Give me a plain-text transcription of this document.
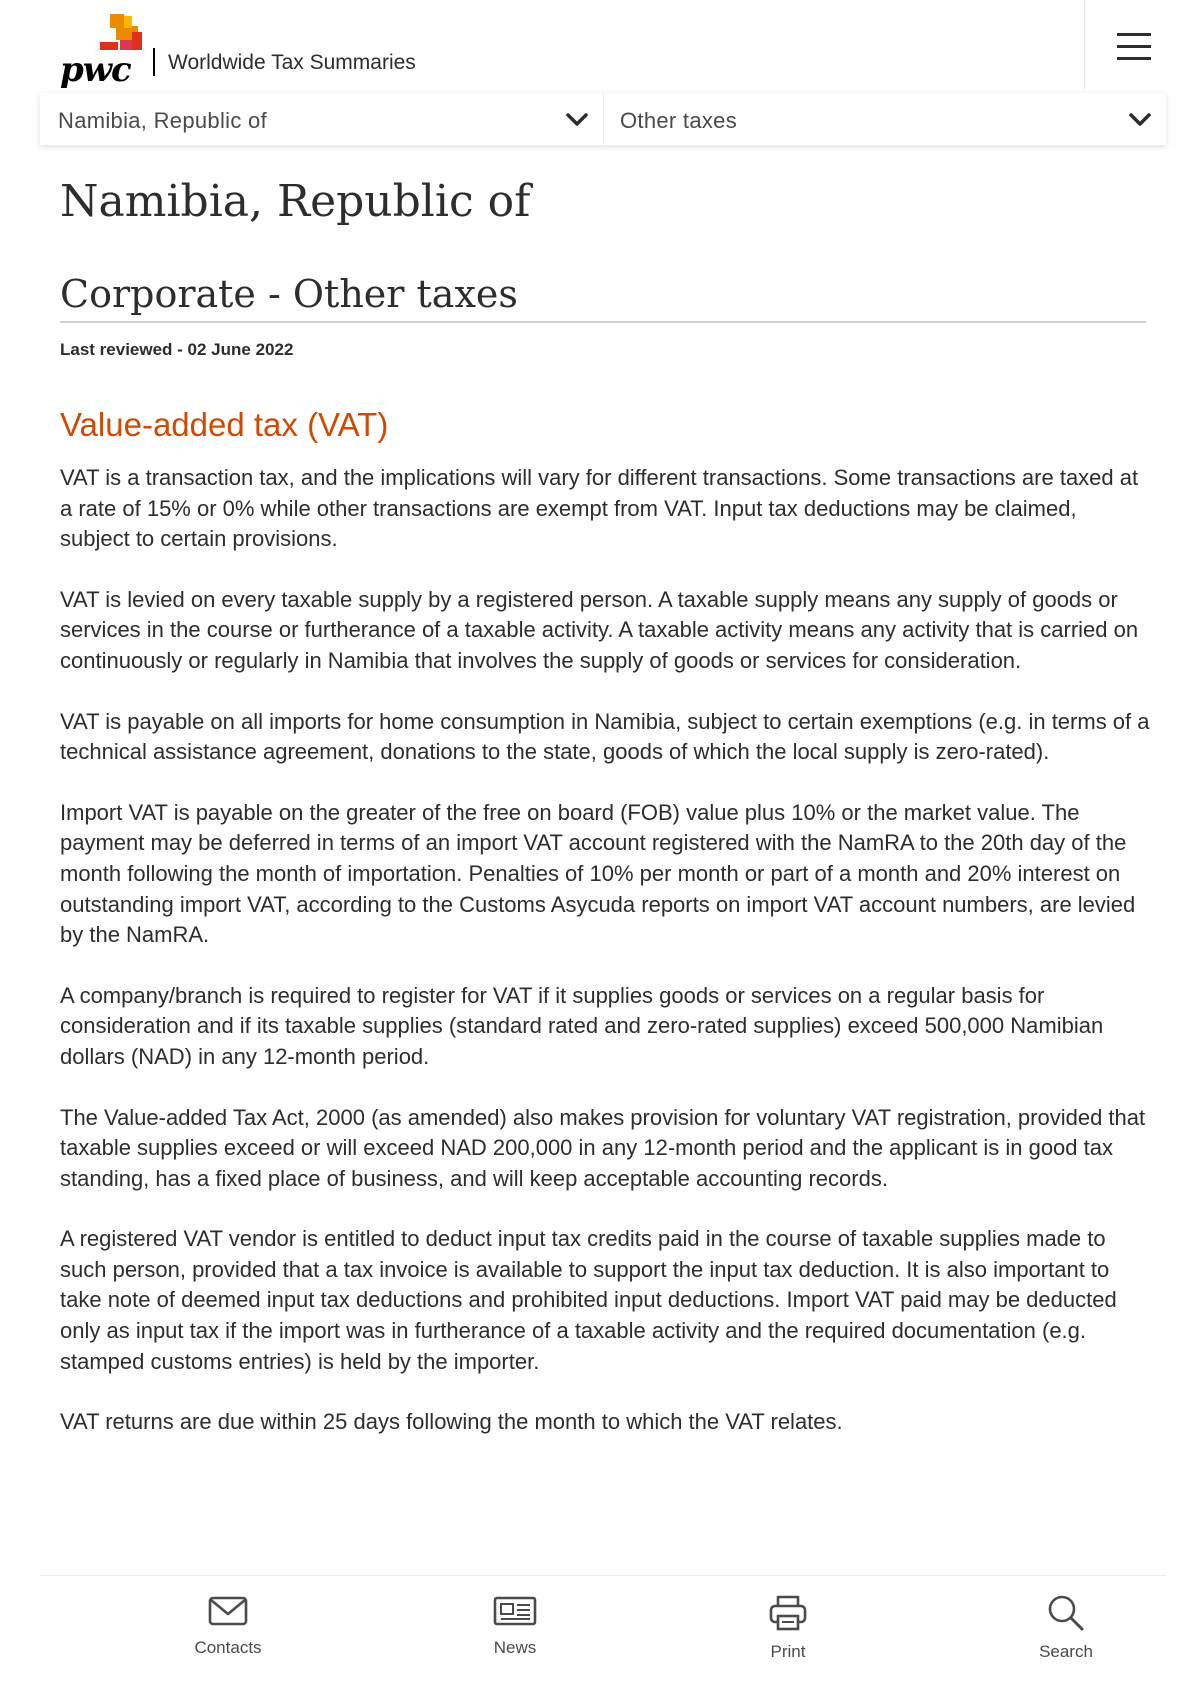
pwc Worldwide Tax Summaries
Namibia, Republic of	Other taxes
Namibia, Republic of
Corporate - Other taxes
Last reviewed - 02 June 2022
Value-added tax (VAT)

VAT is a transaction tax, and the implications will vary for different transactions. Some transactions are taxed at a rate of 15% or 0% while other transactions are exempt from VAT. Input tax deductions may be claimed, subject to certain provisions.

VAT is levied on every taxable supply by a registered person. A taxable supply means any supply of goods or services in the course or furtherance of a taxable activity. A taxable activity means any activity that is carried on continuously or regularly in Namibia that involves the supply of goods or services for consideration.

VAT is payable on all imports for home consumption in Namibia, subject to certain exemptions (e.g. in terms of a technical assistance agreement, donations to the state, goods of which the local supply is zero-rated).

Import VAT is payable on the greater of the free on board (FOB) value plus 10% or the market value. The payment may be deferred in terms of an import VAT account registered with the NamRA to the 20th day of the month following the month of importation. Penalties of 10% per month or part of a month and 20% interest on outstanding import VAT, according to the Customs Asycuda reports on import VAT account numbers, are levied by the NamRA.

A company/branch is required to register for VAT if it supplies goods or services on a regular basis for consideration and if its taxable supplies (standard rated and zero-rated supplies) exceed 500,000 Namibian dollars (NAD) in any 12-month period.

The Value-added Tax Act, 2000 (as amended) also makes provision for voluntary VAT registration, provided that taxable supplies exceed or will exceed NAD 200,000 in any 12-month period and the applicant is in good tax standing, has a fixed place of business, and will keep acceptable accounting records.

A registered VAT vendor is entitled to deduct input tax credits paid in the course of taxable supplies made to such person, provided that a tax invoice is available to support the input tax deduction. It is also important to take note of deemed input tax deductions and prohibited input deductions. Import VAT paid may be deducted only as input tax if the import was in furtherance of a taxable activity and the required documentation (e.g. stamped customs entries) is held by the importer.

VAT returns are due within 25 days following the month to which the VAT relates.

Contacts	News	Print	Search
